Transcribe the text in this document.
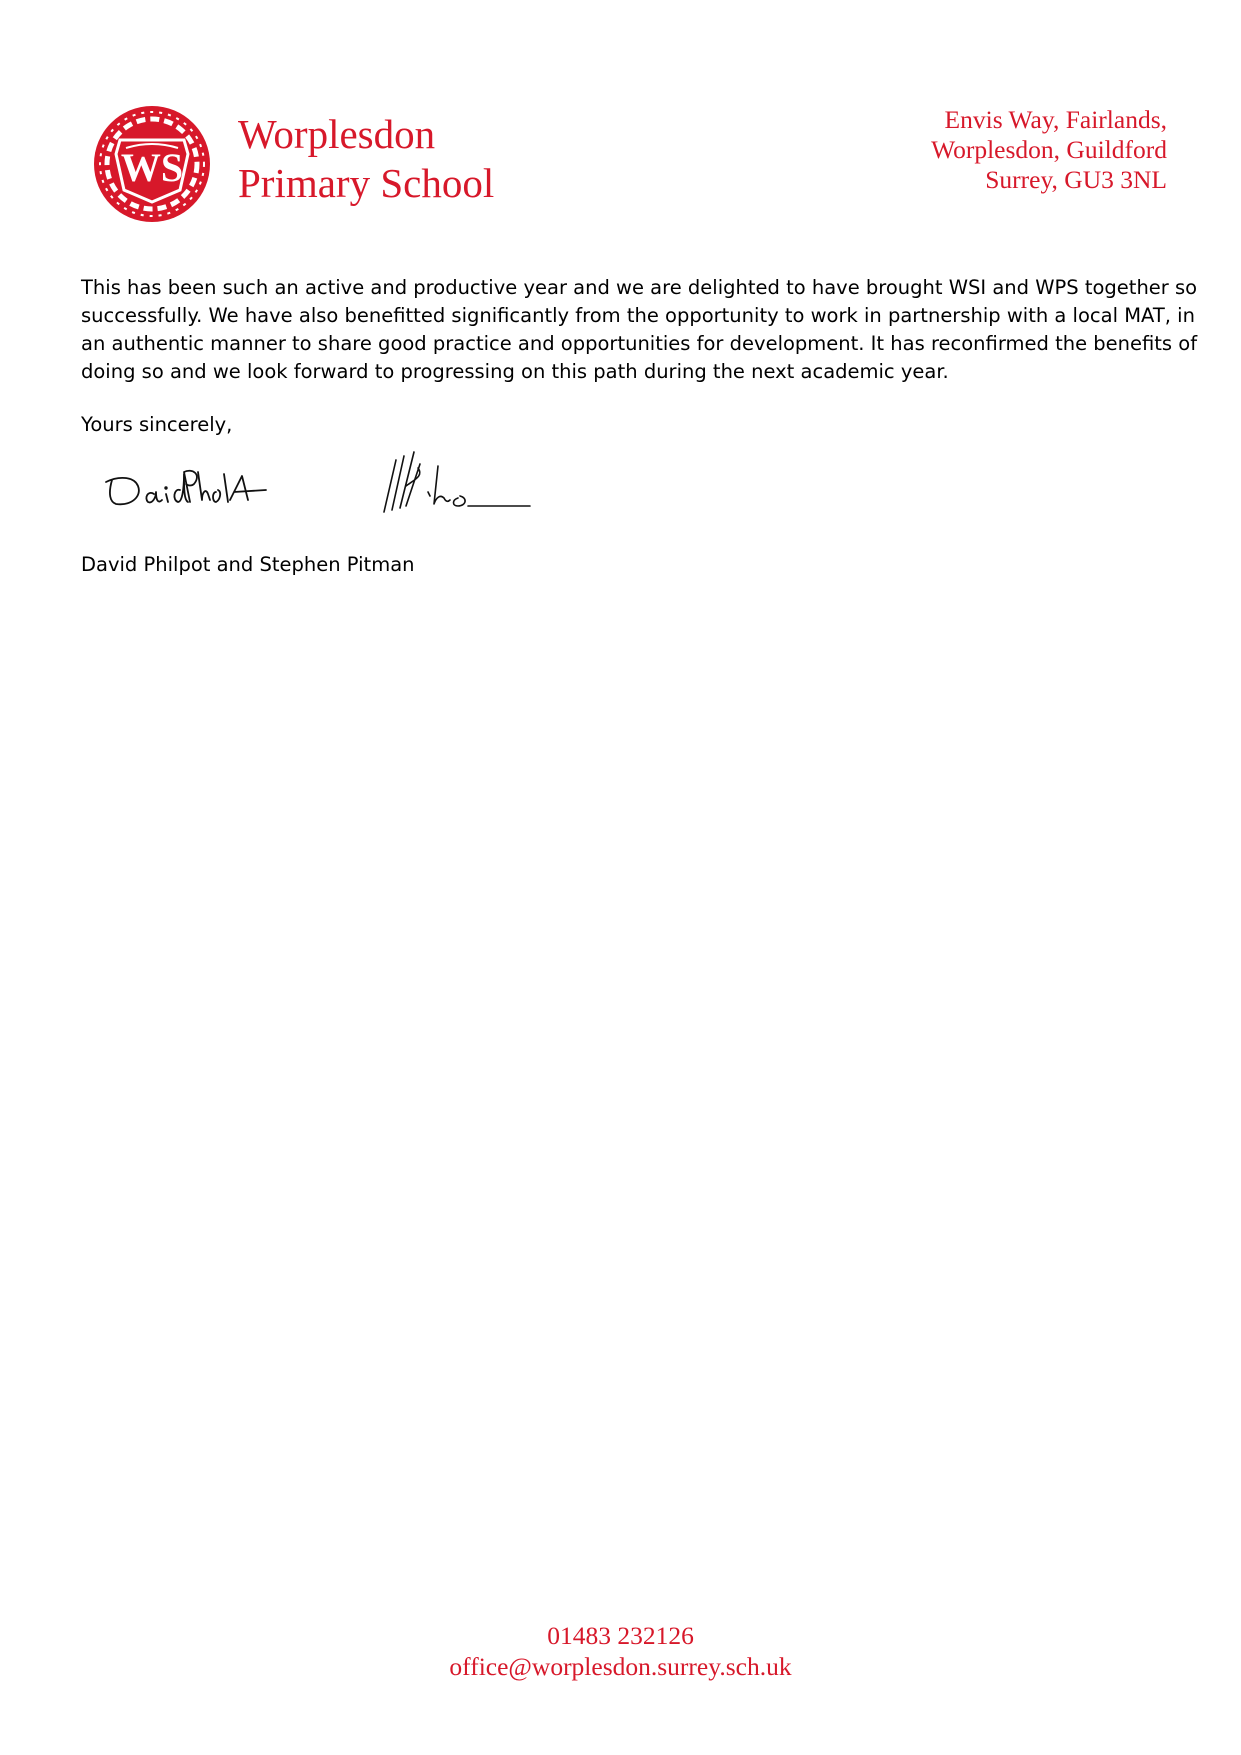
WS
Worplesdon
Primary School
Envis Way, Fairlands,
Worplesdon, Guildford
Surrey, GU3 3NL
This has been such an active and productive year and we are delighted to have brought WSI and WPS together so
successfully. We have also benefitted significantly from the opportunity to work in partnership with a local MAT, in
an authentic manner to share good practice and opportunities for development. It has reconfirmed the benefits of
doing so and we look forward to progressing on this path during the next academic year.
Yours sincerely,
David Philpot and Stephen Pitman
01483 232126
office@worplesdon.surrey.sch.uk
